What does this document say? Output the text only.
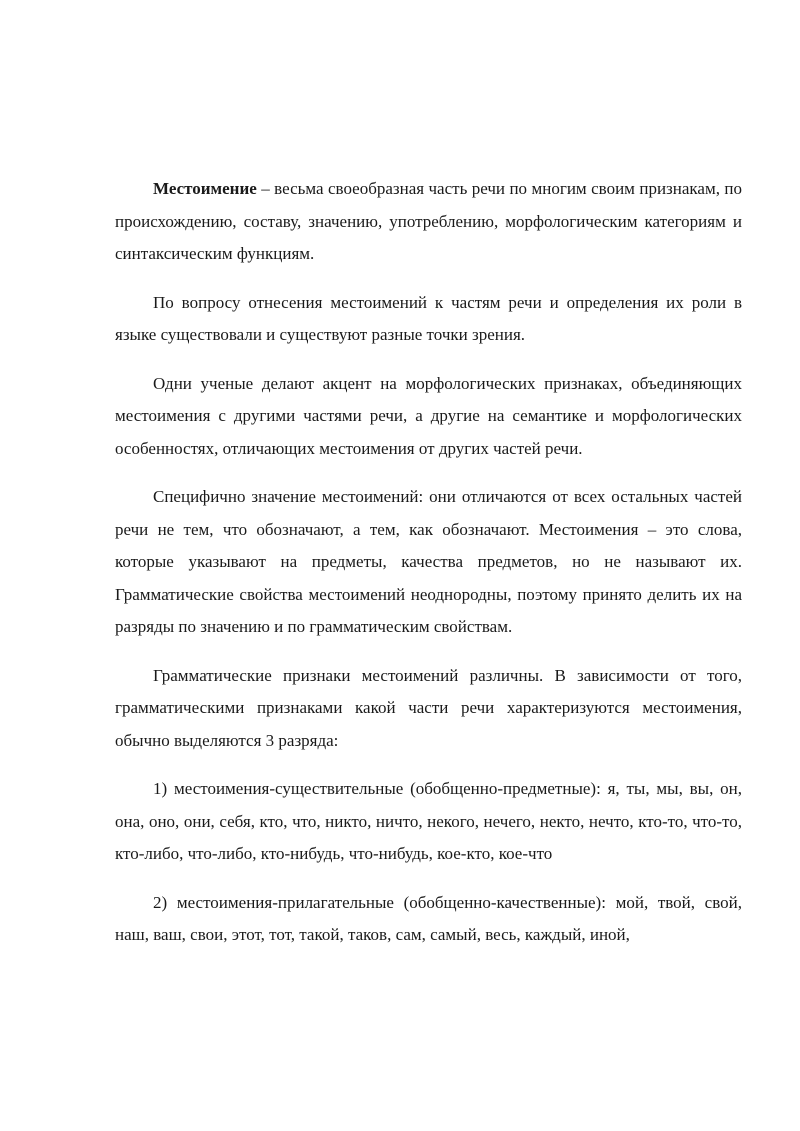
Местоимение – весьма своеобразная часть речи по многим своим признакам, по происхождению, составу, значению, употреблению, морфологическим категориям и синтаксическим функциям.

По вопросу отнесения местоимений к частям речи и определения их роли в языке существовали и существуют разные точки зрения.

Одни ученые делают акцент на морфологических признаках, объединяющих местоимения с другими частями речи, а другие на семантике и морфологических особенностях, отличающих местоимения от других частей речи.

Специфично значение местоимений: они отличаются от всех остальных частей речи не тем, что обозначают, а тем, как обозначают. Местоимения – это слова, которые указывают на предметы, качества предметов, но не называют их. Грамматические свойства местоимений неоднородны, поэтому принято делить их на разряды по значению и по грамматическим свойствам.

Грамматические признаки местоимений различны. В зависимости от того, грамматическими признаками какой части речи характеризуются местоимения, обычно выделяются 3 разряда:

1) местоимения-существительные (обобщенно-предметные): я, ты, мы, вы, он, она, оно, они, себя, кто, что, никто, ничто, некого, нечего, некто, нечто, кто-то, что-то, кто-либо, что-либо, кто-нибудь, что-нибудь, кое-кто, кое-что

2) местоимения-прилагательные (обобщенно-качественные): мой, твой, свой, наш, ваш, свои, этот, тот, такой, таков, сам, самый, весь, каждый, иной,
